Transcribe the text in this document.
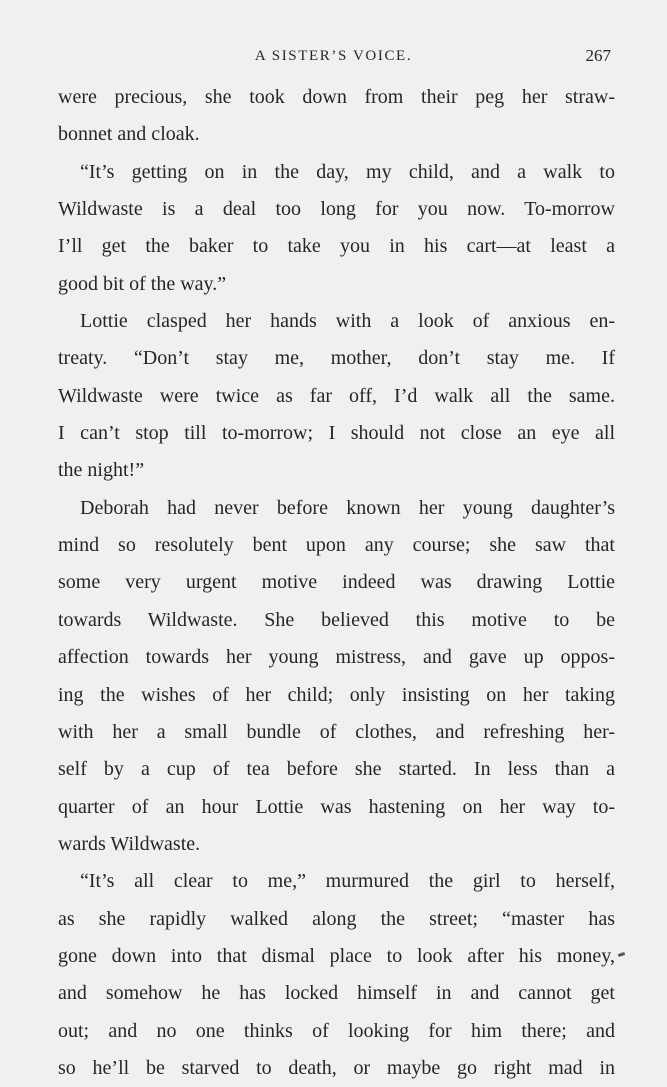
A SISTER’S VOICE.	267
were precious, she took down from their peg her straw-
bonnet and cloak.
“It’s getting on in the day, my child, and a walk to
Wildwaste is a deal too long for you now. To-morrow
I’ll get the baker to take you in his cart—at least a
good bit of the way.”
Lottie clasped her hands with a look of anxious en-
treaty. “Don’t stay me, mother, don’t stay me. If
Wildwaste were twice as far off, I’d walk all the same.
I can’t stop till to-morrow; I should not close an eye all
the night!”
Deborah had never before known her young daughter’s
mind so resolutely bent upon any course; she saw that
some very urgent motive indeed was drawing Lottie
towards Wildwaste. She believed this motive to be
affection towards her young mistress, and gave up oppos-
ing the wishes of her child; only insisting on her taking
with her a small bundle of clothes, and refreshing her-
self by a cup of tea before she started. In less than a
quarter of an hour Lottie was hastening on her way to-
wards Wildwaste.
“It’s all clear to me,” murmured the girl to herself,
as she rapidly walked along the street; “master has
gone down into that dismal place to look after his money,
and somehow he has locked himself in and cannot get
out; and no one thinks of looking for him there; and
so he’ll be starved to death, or maybe go right mad in
